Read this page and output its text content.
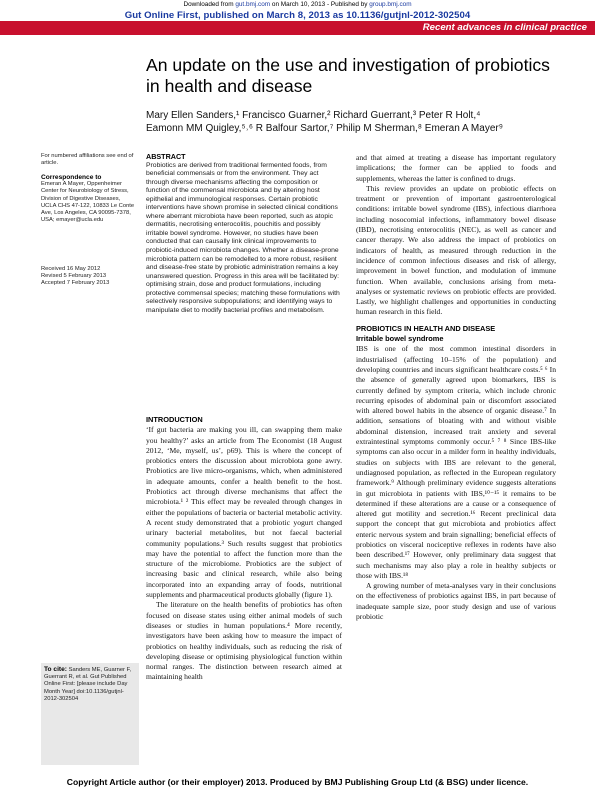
Downloaded from gut.bmj.com on March 10, 2013 - Published by group.bmj.com
Gut Online First, published on March 8, 2013 as 10.1136/gutjnl-2012-302504
Recent advances in clinical practice
An update on the use and investigation of probiotics in health and disease
Mary Ellen Sanders,¹ Francisco Guarner,² Richard Guerrant,³ Peter R Holt,⁴
Eamonn MM Quigley,⁵˒⁶ R Balfour Sartor,⁷ Philip M Sherman,⁸ Emeran A Mayer⁹
For numbered affiliations see end of article.
Correspondence to
Emeran A Mayer, Oppenheimer Center for Neurobiology of Stress, Division of Digestive Diseases, UCLA CHS 47-122, 10833 Le Conte Ave, Los Angeles, CA 90095-7378, USA; emayer@ucla.edu
Received 16 May 2012
Revised 5 February 2013
Accepted 7 February 2013
ABSTRACT
Probiotics are derived from traditional fermented foods, from beneficial commensals or from the environment. They act through diverse mechanisms affecting the composition or function of the commensal microbiota and by altering host epithelial and immunological responses. Certain probiotic interventions have shown promise in selected clinical conditions where aberrant microbiota have been reported, such as atopic dermatitis, necrotising enterocolitis, pouchitis and possibly irritable bowel syndrome. However, no studies have been conducted that can causally link clinical improvements to probiotic-induced microbiota changes. Whether a disease-prone microbiota pattern can be remodelled to a more robust, resilient and disease-free state by probiotic administration remains a key unanswered question. Progress in this area will be facilitated by: optimising strain, dose and product formulations, including protective commensal species; matching these formulations with selectively responsive subpopulations; and identifying ways to manipulate diet to modify bacterial profiles and metabolism.
INTRODUCTION

‘If gut bacteria are making you ill, can swapping them make you healthy?’ asks an article from The Economist (18 August 2012, ‘Me, myself, us’, p69). This is where the concept of probiotics enters the discussion about microbiota gone awry. Probiotics are live micro-organisms, which, when administered in adequate amounts, confer a health benefit to the host. Probiotics act through diverse mechanisms that affect the microbiota.¹ ² This effect may be revealed through changes in either the populations of bacteria or bacterial metabolic activity. A recent study demonstrated that a probiotic yogurt changed urinary bacterial metabolites, but not faecal bacterial community populations.³ Such results suggest that probiotics may have the potential to affect the function more than the structure of the microbiome. Probiotics are the subject of increasing basic and clinical research, while also being incorporated into an expanding array of foods, nutritional supplements and pharmaceutical products globally (figure 1).

The literature on the health benefits of probiotics has often focused on disease states using either animal models of such diseases or studies in human populations.⁴ More recently, investigators have been asking how to measure the impact of probiotics on healthy individuals, such as reducing the risk of developing disease or optimising physiological function within normal ranges. The distinction between research aimed at maintaining health

and that aimed at treating a disease has important regulatory implications; the former can be applied to foods and supplements, whereas the latter is confined to drugs.

This review provides an update on probiotic effects on treatment or prevention of important gastroenterological conditions: irritable bowel syndrome (IBS), infectious diarrhoea including nosocomial infections, inflammatory bowel disease (IBD), necrotising enterocolitis (NEC), as well as cancer and cancer therapy. We also address the impact of probiotics on indicators of health, as measured through reduction in the incidence of common infectious diseases and risk of allergy, improvement in bowel function, and modulation of immune function. When available, conclusions arising from meta-analyses or systematic reviews on probiotic effects are provided. Lastly, we highlight challenges and opportunities in conducting human research in this field.

PROBIOTICS IN HEALTH AND DISEASE
Irritable bowel syndrome

IBS is one of the most common intestinal disorders in industrialised (affecting 10–15% of the population) and developing countries and incurs significant healthcare costs.⁵ ⁶ In the absence of generally agreed upon biomarkers, IBS is currently defined by symptom criteria, which include chronic recurring episodes of abdominal pain or discomfort associated with altered bowel habits in the absence of organic disease.⁷ In addition, sensations of bloating with and without visible abdominal distension, increased trait anxiety and several extraintestinal symptoms commonly occur.⁵ ⁷ ⁸ Since IBS-like symptoms can also occur in a milder form in healthy individuals, studies on subjects with IBS are relevant to the general, undiagnosed population, as reflected in the European regulatory framework.⁹ Although preliminary evidence suggests alterations in gut microbiota in patients with IBS,¹⁰⁻¹⁵ it remains to be determined if these alterations are a cause or a consequence of altered gut motility and secretion.¹⁶ Recent preclinical data support the concept that gut microbiota and probiotics affect enteric nervous system and brain signalling; beneficial effects of probiotics on visceral nociceptive reflexes in rodents have also been described.¹⁷ However, only preliminary data suggest that such mechanisms may also play a role in healthy subjects or those with IBS.¹⁸

A growing number of meta-analyses vary in their conclusions on the effectiveness of probiotics against IBS, in part because of inadequate sample size, poor study design and use of various probiotic

To cite: Sanders ME, Guarner F, Guerrant R, et al. Gut Published Online First: [please include Day Month Year] doi:10.1136/gutjnl-2012-302504
Copyright Article author (or their employer) 2013. Produced by BMJ Publishing Group Ltd (& BSG) under licence.
